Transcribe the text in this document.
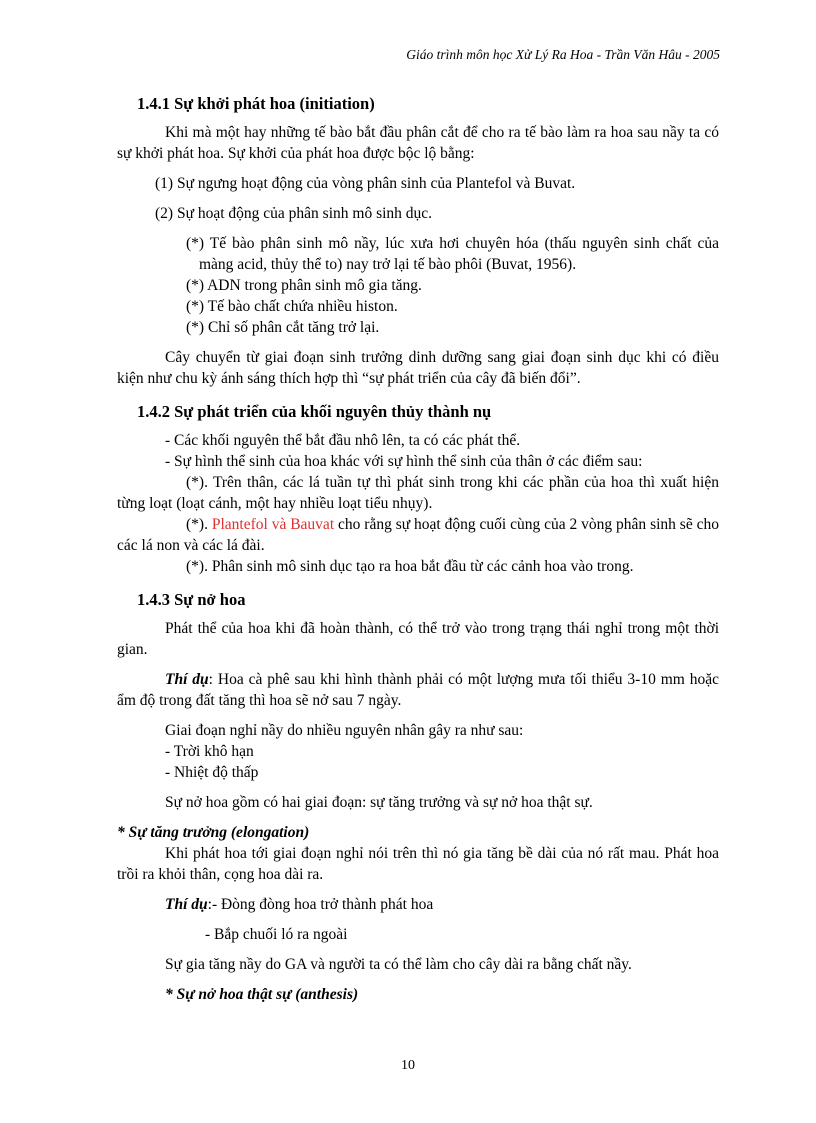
Giáo trình môn học Xử Lý Ra Hoa - Trần Văn Hâu - 2005
1.4.1 Sự khởi phát hoa (initiation)

Khi mà một hay những tế bào bắt đầu phân cắt để cho ra tế bào làm ra hoa sau nầy ta có sự khởi phát hoa. Sự khởi của phát hoa được bộc lộ bằng:

(1) Sự ngưng hoạt động của vòng phân sinh của Plantefol và Buvat.

(2) Sự hoạt động của phân sinh mô sinh dục.

(*) Tế bào phân sinh mô nầy, lúc xưa hơi chuyên hóa (thấu nguyên sinh chất của màng acid, thủy thể to) nay trở lại tế bào phôi (Buvat, 1956).

(*) ADN trong phân sinh mô gia tăng.

(*) Tế bào chất chứa nhiều histon.

(*) Chỉ số phân cắt tăng trở lại.

Cây chuyển từ giai đoạn sinh trưởng dinh dưỡng sang giai đoạn sinh dục khi có điều kiện như chu kỳ ánh sáng thích hợp thì “sự phát triển của cây đã biến đổi”.

1.4.2 Sự phát triển của khối nguyên thủy thành nụ

- Các khối nguyên thể bắt đầu nhô lên, ta có các phát thể.

- Sự hình thể sinh của hoa khác với sự hình thể sinh của thân ở các điểm sau:

(*). Trên thân, các lá tuần tự thì phát sinh trong khi các phần của hoa thì xuất hiện từng loạt (loạt cánh, một hay nhiều loạt tiểu nhụy).

(*). Plantefol và Bauvat cho rằng sự hoạt động cuối cùng của 2 vòng phân sinh sẽ cho các lá non và các lá đài.

(*). Phân sinh mô sinh dục tạo ra hoa bắt đầu từ các cảnh hoa vào trong.

1.4.3 Sự nở hoa

Phát thể của hoa khi đã hoàn thành, có thể trở vào trong trạng thái nghỉ trong một thời gian.

Thí dụ: Hoa cà phê sau khi hình thành phải có một lượng mưa tối thiểu 3-10 mm hoặc ẩm độ trong đất tăng thì hoa sẽ nở sau 7 ngày.

Giai đoạn nghỉ nầy do nhiều nguyên nhân gây ra như sau:

- Trời khô hạn

- Nhiệt độ thấp

Sự nở hoa gồm có hai giai đoạn: sự tăng trưởng và sự nở hoa thật sự.

* Sự tăng trưởng (elongation)

Khi phát hoa tới giai đoạn nghỉ nói trên thì nó gia tăng bề dài của nó rất mau. Phát hoa trồi ra khỏi thân, cọng hoa dài ra.

Thí dụ:- Đòng đòng hoa trở thành phát hoa

- Bắp chuối ló ra ngoài

Sự gia tăng nầy do GA và người ta có thể làm cho cây dài ra bằng chất nầy.

* Sự nở hoa thật sự (anthesis)

10
